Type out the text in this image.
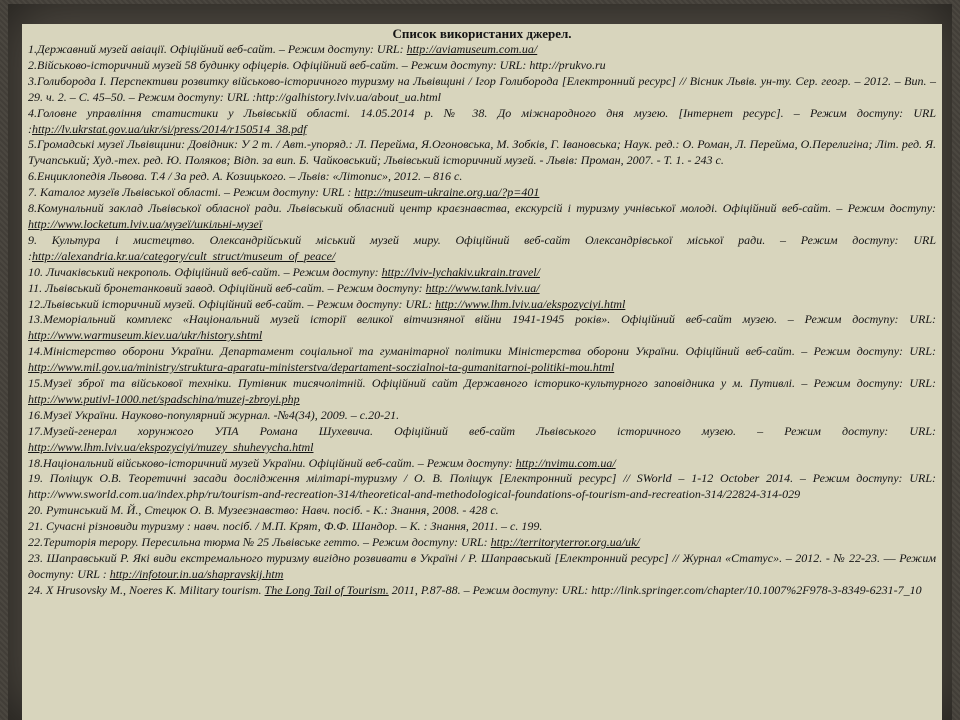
Список використаних джерел.
1.Державний музей авіації. Офіційний веб-сайт. – Режим доступу: URL: http://aviamuseum.com.ua/
2.Військово-історичний музей 58 будинку офіцерів. Офіційний веб-сайт. – Режим доступу: URL: http://prukvo.ru
3.Голиборода І. Перспективи розвитку військово-історичного туризму на Львівщині / Ігор Голиборода [Електронний ресурс] // Вісник Львів. ун-ту. Сер. геогр. – 2012. – Вип. – 29. ч. 2. – С. 45–50. – Режим доступу: URL :http://galhistory.lviv.ua/about_ua.html
4.Головне управління статистики у Львівській області. 14.05.2014 р. № 38. До міжнародного дня музею. [Інтернет ресурс]. – Режим доступу: URL :http://lv.ukrstat.gov.ua/ukr/si/press/2014/r150514_38.pdf
5.Громадські музеї Львівщини: Довідник: У 2 т. / Авт.-упоряд.: Л. Перейма, Я.Огоновська, М. Зобків, Г. Івановська; Наук. ред.: О. Роман, Л. Перейма, О.Перелигіна; Літ. ред. Я. Тучапський; Худ.-тех. ред. Ю. Поляков; Відп. за вип. Б. Чайковський; Львівський історичний музей. - Львів: Проман, 2007. - Т. 1. - 243 с.
6.Енциклопедія Львова. Т.4 / За ред. А. Козицького. – Львів: «Літопис», 2012. – 816 с.
7. Каталог музеїв Львівської області. – Режим доступу: URL : http://museum-ukraine.org.ua/?p=401
8.Комунальний заклад Львівської обласної ради. Львівський обласний центр краєзнавства, екскурсій і туризму учнівської молоді. Офіційний веб-сайт. – Режим доступу: http://www.locketum.lviv.ua/музеї/шкільні-музеї
9. Культура і мистецтво. Олександрійський міський музей миру. Офіційний веб-сайт Олександрівської міської ради. – Режим доступу: URL :http://alexandria.kr.ua/category/cult_struct/museum_of_peace/
10. Личаківський некрополь. Офіційний веб-сайт. – Режим доступу: http://lviv-lychakiv.ukrain.travel/
11. Львівський бронетанковий завод. Офіційний веб-сайт. – Режим доступу: http://www.tank.lviv.ua/
12.Львівський історичний музей. Офіційний веб-сайт. – Режим доступу: URL: http://www.lhm.lviv.ua/ekspozyciyi.html
13.Меморіальний комплекс «Національний музей історії великої вітчизняної війни 1941-1945 років». Офіційний веб-сайт музею. – Режим доступу: URL: http://www.warmuseum.kiev.ua/ukr/history.shtml
14.Міністерство оборони України. Департамент соціальної та гуманітарної політики Міністерства оборони України. Офіційний веб-сайт. – Режим доступу: URL: http://www.mil.gov.ua/ministry/struktura-aparatu-ministerstva/departament-soczialnoi-ta-gumanitarnoi-politiki-mou.html
15.Музеї зброї та військової техніки. Путівник тисячолітній. Офіційний сайт Державного історико-культурного заповідника у м. Путивлі. – Режим доступу: URL: http://www.putivl-1000.net/spadschina/muzej-zbroyi.php
16.Музеї України. Науково-популярний журнал. -№4(34), 2009. – с.20-21.
17.Музей-генерал хорунжого УПА Романа Шухевича. Офіційний веб-сайт Львівського історичного музею. – Режим доступу: URL: http://www.lhm.lviv.ua/ekspozyciyi/muzey_shuhevycha.html
18.Національний військово-історичний музей України. Офіційний веб-сайт. – Режим доступу: http://nvimu.com.ua/
19. Поліщук О.В. Теоретичні засади дослідження мілітарі-туризму / О. В. Поліщук [Електронний ресурс] // SWorld – 1-12 October 2014. – Режим доступу: URL: http://www.sworld.com.ua/index.php/ru/tourism-and-recreation-314/theoretical-and-methodological-foundations-of-tourism-and-recreation-314/22824-314-029
20. Рутинський М. Й., Стецюк О. В. Музеєзнавство: Навч. посіб. - К.: Знання, 2008. - 428 с.
21. Сучасні різновиди туризму : навч. посіб. / М.П. Крят, Ф.Ф. Шандор. – К. : Знання, 2011. – с. 199.
22.Територія терору. Пересильна тюрма № 25 Львівське гетто. – Режим доступу: URL: http://territoryterror.org.ua/uk/
23. Шаправський Р. Які види екстремального туризму вигідно розвивати в Україні / Р. Шаправський [Електронний ресурс] // Журнал «Статус». – 2012. - № 22-23. –– Режим доступу: URL : http://infotour.in.ua/shapravskij.htm
24. X Hrusovsky M., Noeres K. Military tourism. The Long Tail of Tourism. 2011, P.87-88. – Режим доступу: URL: http://link.springer.com/chapter/10.1007%2F978-3-8349-6231-7_10
